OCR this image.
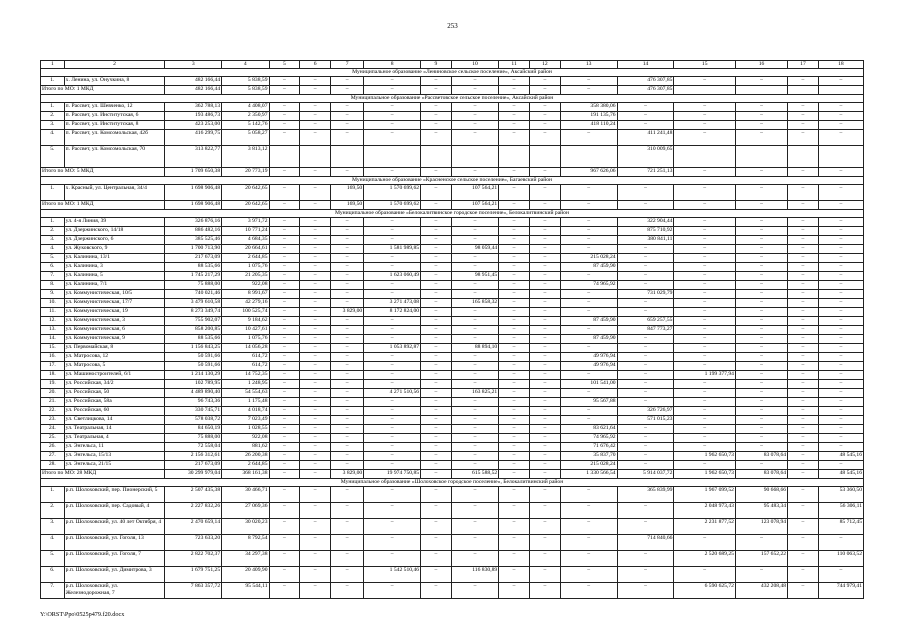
253
1	2	3	4	5	6	7	8	9	10	11	12	13	14	15	16	17	18
Муниципальное образование «Лениновское сельское поселение», Аксайский район																	
1.	х. Ленина, ул. Онучкина, 8	482 166,44	5 838,59	–	–	–	–	–	–	–	–	–	476 307,85	–	–	–	–
Итого по МО: 1 МКД		482 166,44	5 838,59	–	–	–	–	–	–	–	–	–	476 307,85				
Муниципальное образование «Рассветовское сельское поселение», Аксайский район																	
1.	п. Рассвет, ул. Шевченко, 12	362 788,13	4 408,07	–	–	–	–	–	–	–	–	358 380,06	–	–	–	–	–
2.	п. Рассвет, ул. Институтская, 6	193 486,73	2 350,97	–	–	–	–	–	–	–	–	191 135,76	–	–	–	–	–
3.	п. Рассвет, ул. Институтская, 8	423 253,00	5 142,76	–	–	–	–	–	–	–	–	418 110,24	–	–	–	–	–
4.	п. Рассвет, ул. Комсомольская, 42б	416 299,75	5 058,27	–	–	–	–	–	–	–	–	–	411 241,48	–	–	–	–
5.	п. Рассвет, ул. Комсомольская, 70	313 822,77	3 813,12										310 009,65				
Итого по МО: 5 МКД		1 709 650,38	20 773,19	–	–	–	–	–	–	–	–	967 626,06	721 251,13	–	–	–	–
Муниципальное образование «Красненское сельское поселение», Багаевский район																	
1.	х. Красный, ул. Центральная, 34/4	1 698 906,48	20 642,65	–	–	169,50	1 570 699,62	–	107 564,21	–	–	–	–	–	–	–	–
Итого по МО: 1 МКД		1 698 906,48	20 642,65	–	–	169,50	1 570 699,62	–	107 564,21	–	–	–	–	–	–	–	–
Муниципальное образование «Белокалитвинское городское поселение», Белокалитвинский район																	
1.	ул. 4-я Линия, 39	326 876,16	3 971,72	–	–	–	–	–	–	–	–	–	322 904,44	–	–	–	–
2.	ул. Дзержинского, 14/18	886 482,16	10 771,24	–	–	–	–	–	–	–	–	–	875 710,92	–	–	–	–
3.	ул. Дзержинского, 6	385 525,46	4 684,35	–	–	–	–	–	–	–	–	–	380 841,11	–	–	–	–
4.	ул. Жуковского, 9	1 700 713,90	20 664,61	–	–	–	1 581 989,85	–	98 059,44	–	–	–	–	–	–	–	–
5.	ул. Калинина, 13/1	217 673,09	2 644,85	–	–	–	–	–	–	–	–	215 028,24	–	–	–	–	–
6.	ул. Калинина, 3	88 535,66	1 075,76	–	–	–	–	–	–	–	–	87 459,90	–	–	–	–	–
7.	ул. Калинина, 5	1 745 217,29	21 205,35	–	–	–	1 623 060,49	–	98 951,45	–	–	–	–	–	–	–	–
8.	ул. Калинина, 7/1	75 888,00	922,08	–	–	–	–	–	–	–	–	74 965,92	–	–	–	–	–
9.	ул. Коммунистическая, 10/5	740 021,46	8 991,67	–	–	–	–	–	–	–	–	–	731 029,79	–	–	–	–
10.	ул. Коммунистическая, 17/7	3 479 610,58	42 279,16	–	–	–	3 271 473,08	–	165 858,32	–	–	–	–	–	–	–	–
11.	ул. Коммунистическая, 19	8 273 349,74	100 525,74	–	–	3 829,00	8 172 824,00	–	–	–	–	–	–	–	–	–	–
12.	ул. Коммунистическая, 3	755 902,07	9 184,62	–	–	–	–	–	–	–	–	87 459,90	659 257,55	–	–	–	–
13.	ул. Коммунистическая, 6	858 200,85	10 427,61	–	–	–	–	–	–	–	–	–	847 773,27	–	–	–	–
14.	ул. Коммунистическая, 9	88 535,66	1 075,76	–	–	–	–	–	–	–	–	87 459,90	–	–	–	–	–
15.	ул. Первомайская, 8	1 156 843,25	14 056,28	–	–	–	1 053 892,87	–	88 894,10	–	–	–	–	–	–	–	–
16.	ул. Матросова, 12	50 591,66	614,72	–	–	–	–	–	–	–	–	49 976,94	–	–	–	–	–
17.	ул. Матросова, 5	50 591,66	614,72	–	–	–	–	–	–	–	–	49 976,94	–	–	–	–	–
18.	ул. Машиностроителей, 6/1	1 214 130,29	14 752,35	–	–	–	–	–	–	–	–	–	–	1 199 377,94	–	–	–
19.	ул. Российская, 34/2	102 789,95	1 248,95	–	–	–	–	–	–	–	–	101 541,00	–	–	–	–	–
20.	ул. Российская, 50	4 489 890,40	54 554,63	–	–	–	4 271 510,56	–	163 825,21	–	–	–	–	–	–	–	–
21.	ул. Российская, 58а	96 743,36	1 175,48	–	–	–	–	–	–	–	–	95 567,88	–	–	–	–	–
22.	ул. Российская, 60	330 745,71	4 018,74	–	–	–	–	–	–	–	–	–	326 726,97	–	–	–	–
23.	ул. Светлицкова, 14	578 038,72	7 023,49	–	–	–	–	–	–	–	–	–	571 015,23	–	–	–	–
24.	ул. Театральная, 14	84 650,19	1 028,55	–	–	–	–	–	–	–	–	83 621,64	–	–	–	–	–
25.	ул. Театральная, 4	75 888,00	922,08	–	–	–	–	–	–	–	–	74 965,92	–	–	–	–	–
26.	ул. Энгельса, 11	72 558,04	881,62	–	–	–	–	–	–	–	–	71 676,42	–	–	–	–	–
27.	ул. Энгельса, 15/13	2 156 312,61	26 200,38	–	–	–	–	–	–	–	–	35 837,70	–	1 962 650,73	83 078,64	–	48 545,16
28.	ул. Энгельса, 21/15	217 673,09	2 644,85	–	–	–	–	–	–	–	–	215 028,24	–	–	–	–	–
Итого по МО: 28 МКД		30 299 979,04	368 161,38	–	–	3 829,00	19 974 750,85	–	615 588,52	–	–	1 330 566,54	5 914 037,72	1 962 650,73	83 078,64	–	48 545,16
Муниципальное образование «Шолоховское городское поселение», Белокалитвинский район																	
1.	р.п. Шолоховский, пер. Пионерский, 5	2 507 435,38	30 466,71	–	–	–	–	–	–	–	–	–	365 839,99	1 967 099,52	90 668,66	–	53 360,50
2.	р.п. Шолоховский, пер. Садовый, 4	2 227 832,26	27 069,36	–	–	–	–	–	–	–	–	–	–	2 048 973,43	95 483,34	–	56 306,11
3.	р.п. Шолоховский, ул. 40 лет Октября, 4	2 470 659,14	30 020,23	–	–	–	–	–	–	–	–	–	–	2 231 877,52	123 078,94	–	85 712,45
4.	р.п. Шолоховский, ул. Гоголя, 13	723 633,20	8 792,54	–	–	–	–	–	–	–	–	–	714 840,66	–	–	–	–
5.	р.п. Шолоховский, ул. Гоголя, 7	2 822 702,37	34 297,38	–	–	–	–	–	–	–	–	–	–	2 520 689,25	157 652,22	–	110 063,52
6.	р.п. Шолоховский, ул. Димитрова, 3	1 679 751,25	20 409,90	–	–	–	1 542 510,46	–	116 830,89	–	–	–	–	–	–	–	–
7.	р.п. Шолоховский, ул. Железнодорожная, 7	7 863 357,72	95 544,11	–	–	–	–	–	–	–	–	–	–	6 590 625,72	432 208,48	–	744 979,41
Y:\ORST\Ppo\0525p479.f20.docx
